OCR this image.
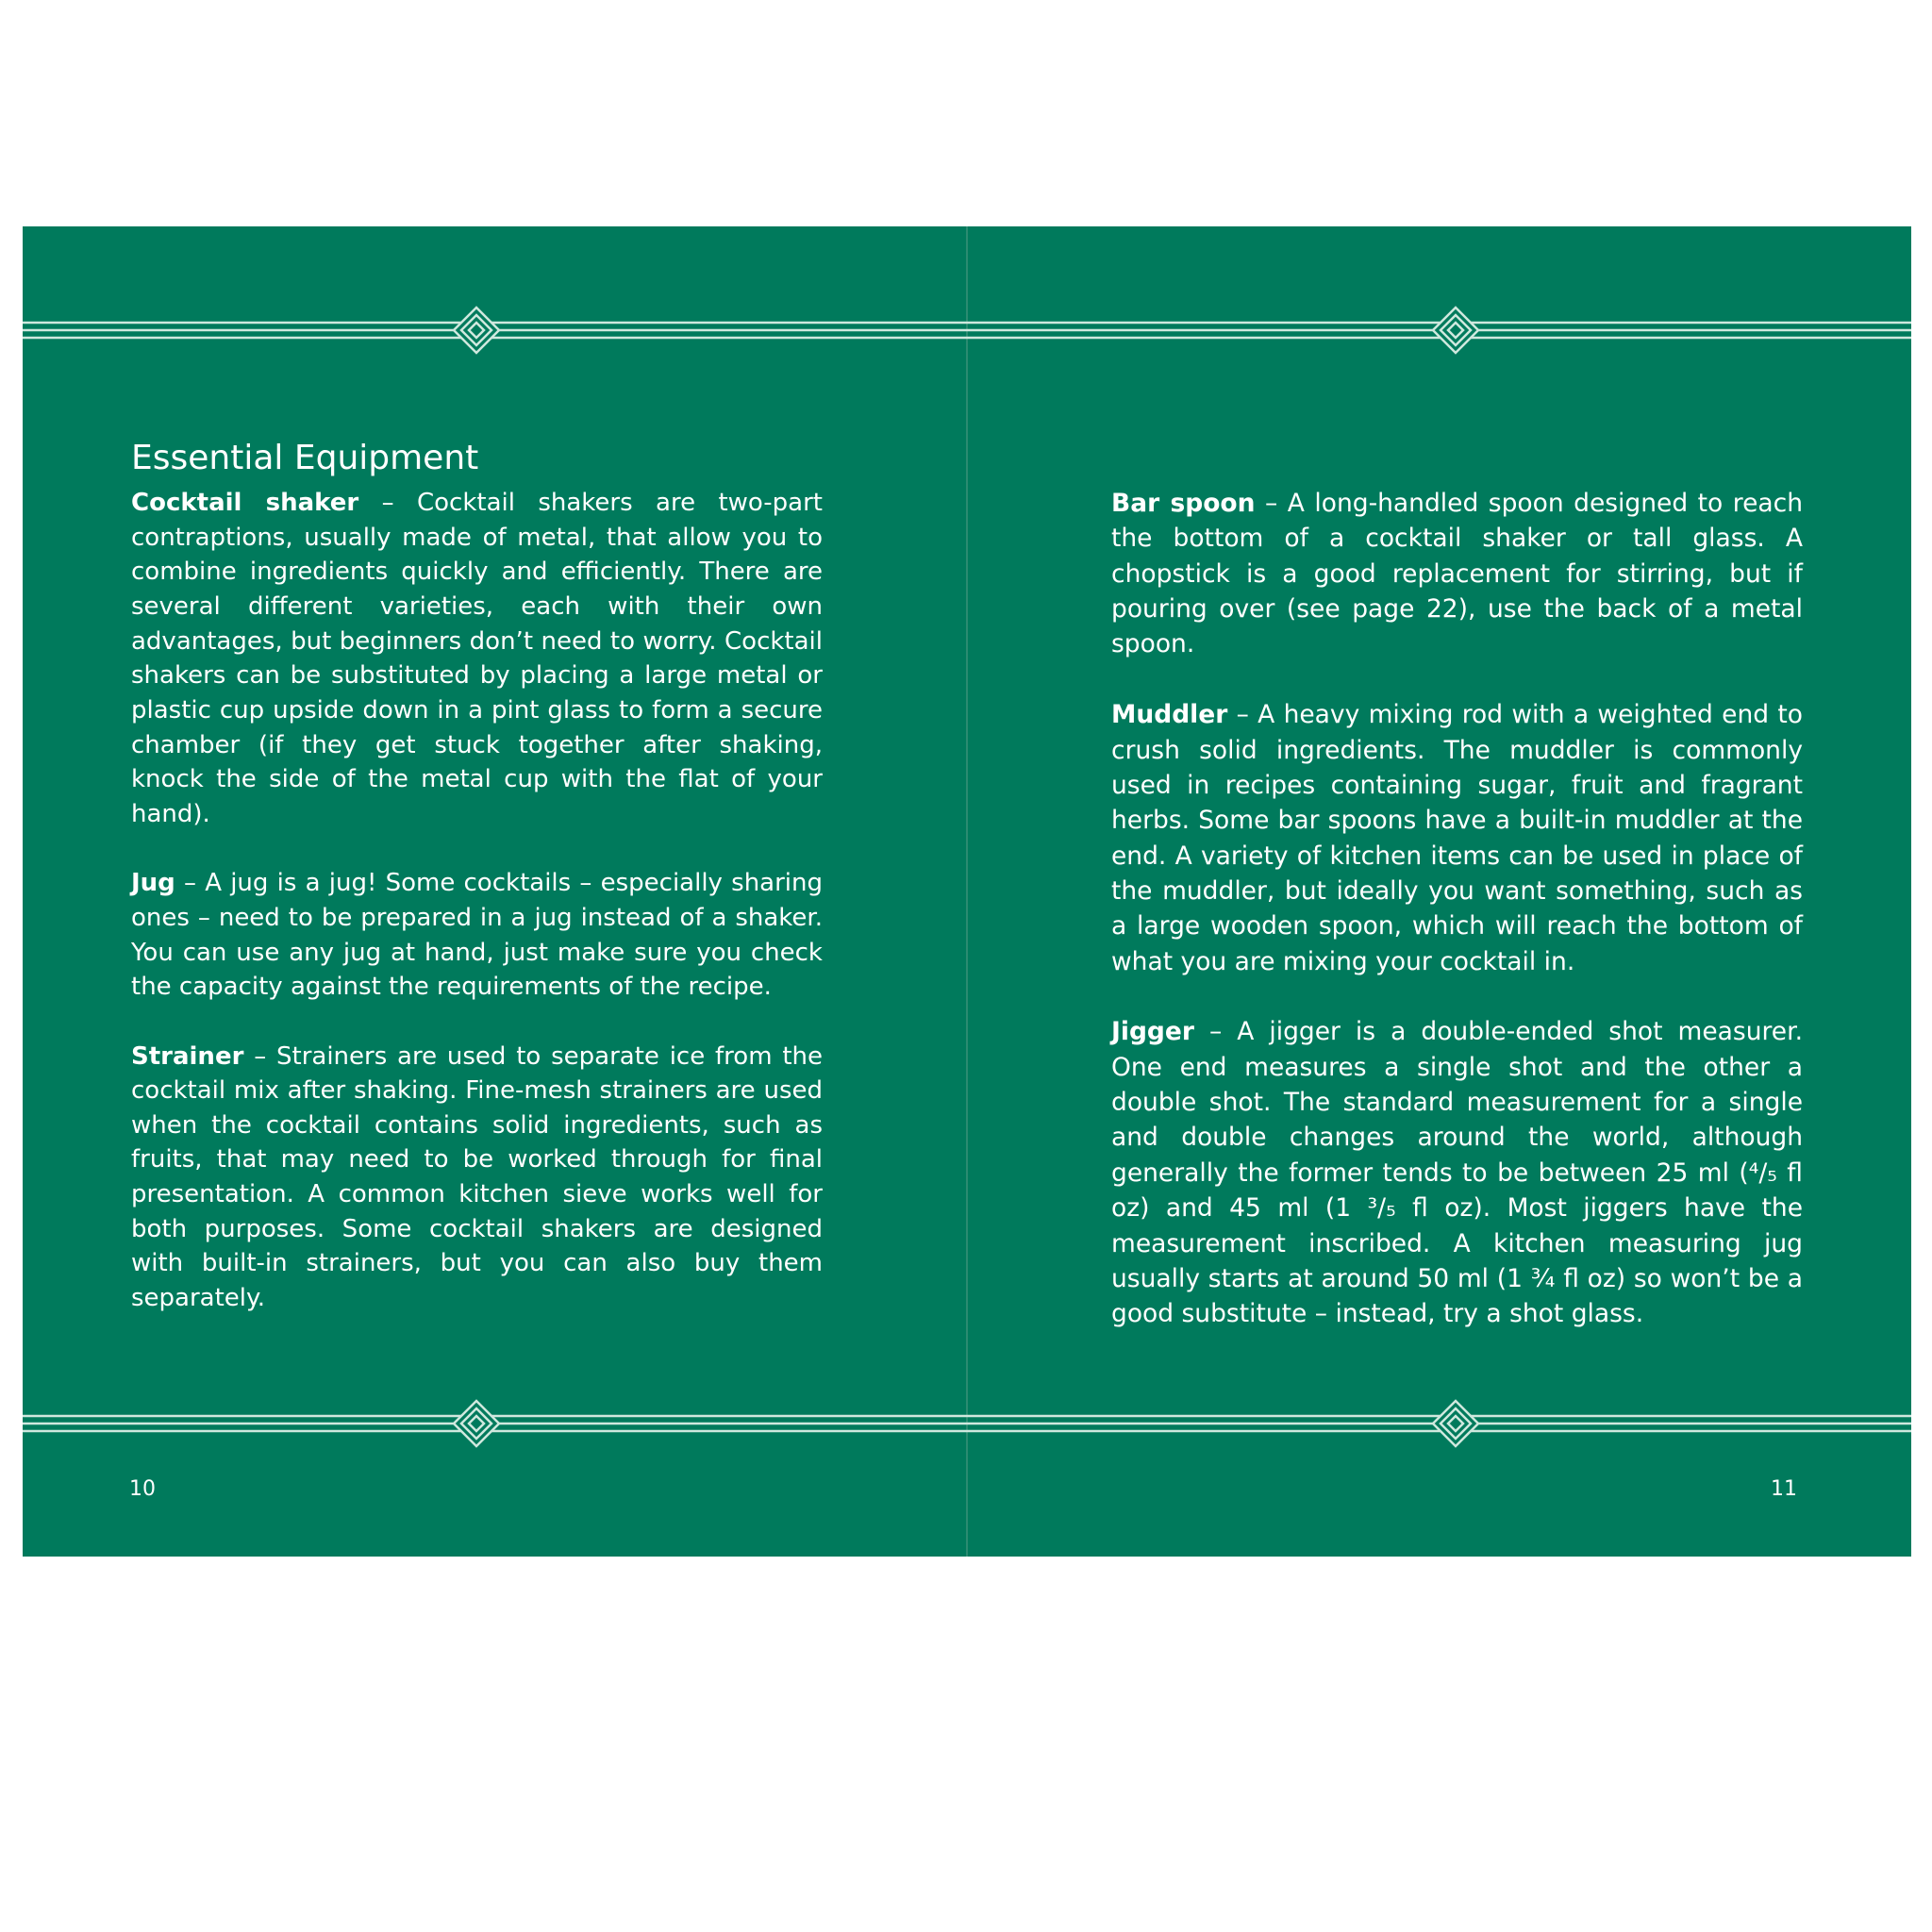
Essential Equipment

Cocktail shaker – Cocktail shakers are two-part contraptions, usually made of metal, that allow you to combine ingredients quickly and efficiently. There are several different varieties, each with their own advantages, but beginners don’t need to worry. Cocktail shakers can be substituted by placing a large metal or plastic cup upside down in a pint glass to form a secure chamber (if they get stuck together after shaking, knock the side of the metal cup with the flat of your hand).

Jug – A jug is a jug! Some cocktails – especially sharing ones – need to be prepared in a jug instead of a shaker. You can use any jug at hand, just make sure you check the capacity against the requirements of the recipe.

Strainer – Strainers are used to separate ice from the cocktail mix after shaking. Fine-mesh strainers are used when the cocktail contains solid ingredients, such as fruits, that may need to be worked through for final presentation. A common kitchen sieve works well for both purposes. Some cocktail shakers are designed with built-in strainers, but you can also buy them separately.

10

Bar spoon – A long-handled spoon designed to reach the bottom of a cocktail shaker or tall glass. A chopstick is a good replacement for stirring, but if pouring over (see page 22), use the back of a metal spoon.

Muddler – A heavy mixing rod with a weighted end to crush solid ingredients. The muddler is commonly used in recipes containing sugar, fruit and fragrant herbs. Some bar spoons have a built-in muddler at the end. A variety of kitchen items can be used in place of the muddler, but ideally you want something, such as a large wooden spoon, which will reach the bottom of what you are mixing your cocktail in.

Jigger – A jigger is a double-ended shot measurer. One end measures a single shot and the other a double shot. The standard measurement for a single and double changes around the world, although generally the former tends to be between 25 ml (⁴/₅ fl oz) and 45 ml (1 ³/₅ fl oz). Most jiggers have the measurement inscribed. A kitchen measuring jug usually starts at around 50 ml (1 ¾ fl oz) so won’t be a good substitute – instead, try a shot glass.

11
